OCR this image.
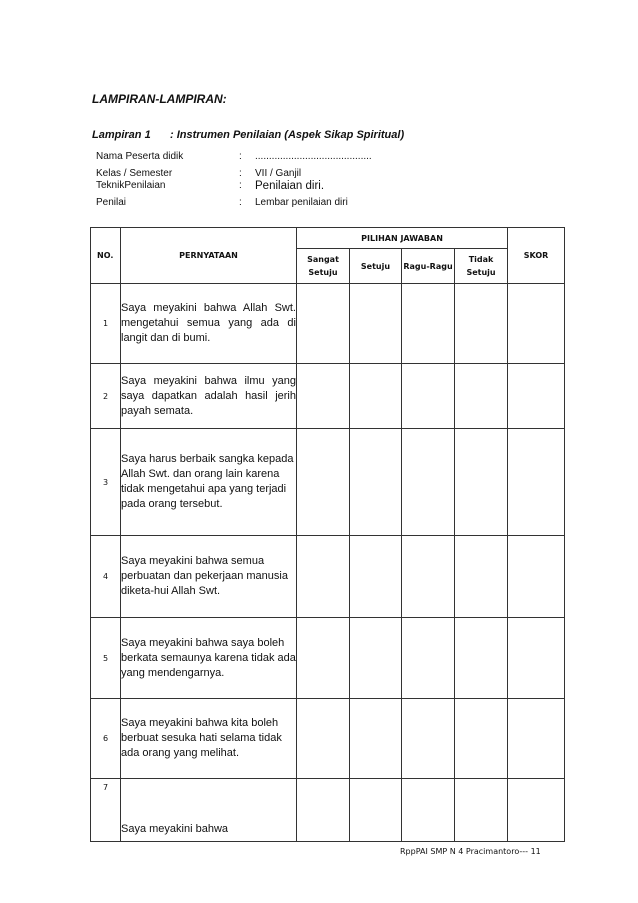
LAMPIRAN-LAMPIRAN:
Lampiran 1 : Instrumen Penilaian (Aspek Sikap Spiritual)
Nama Peserta didik	: ..........................................
Kelas / Semester	: VII / Ganjil
TeknikPenilaian	: Penilaian diri.
Penilai	: Lembar penilaian diri
NO.	PERNYATAAN	PILIHAN JAWABAN				SKOR
		Sangat Setuju	Setuju	Ragu-Ragu	Tidak Setuju	
1	Saya meyakini bahwa Allah Swt. mengetahui semua yang ada di langit dan di bumi.					
2	Saya meyakini bahwa ilmu yang saya dapatkan adalah hasil jerih payah semata.					
3	Saya harus berbaik sangka kepada Allah Swt. dan orang lain karena tidak mengetahui apa yang terjadi pada orang tersebut.					
4	Saya meyakini bahwa semua perbuatan dan pekerjaan manusia diketa-hui Allah Swt.					
5	Saya meyakini bahwa saya boleh berkata semaunya karena tidak ada yang mendengarnya.					
6	Saya meyakini bahwa kita boleh berbuat sesuka hati selama tidak ada orang yang melihat.					
7	Saya meyakini bahwa					
RppPAI SMP N 4 Pracimantoro--- 11
